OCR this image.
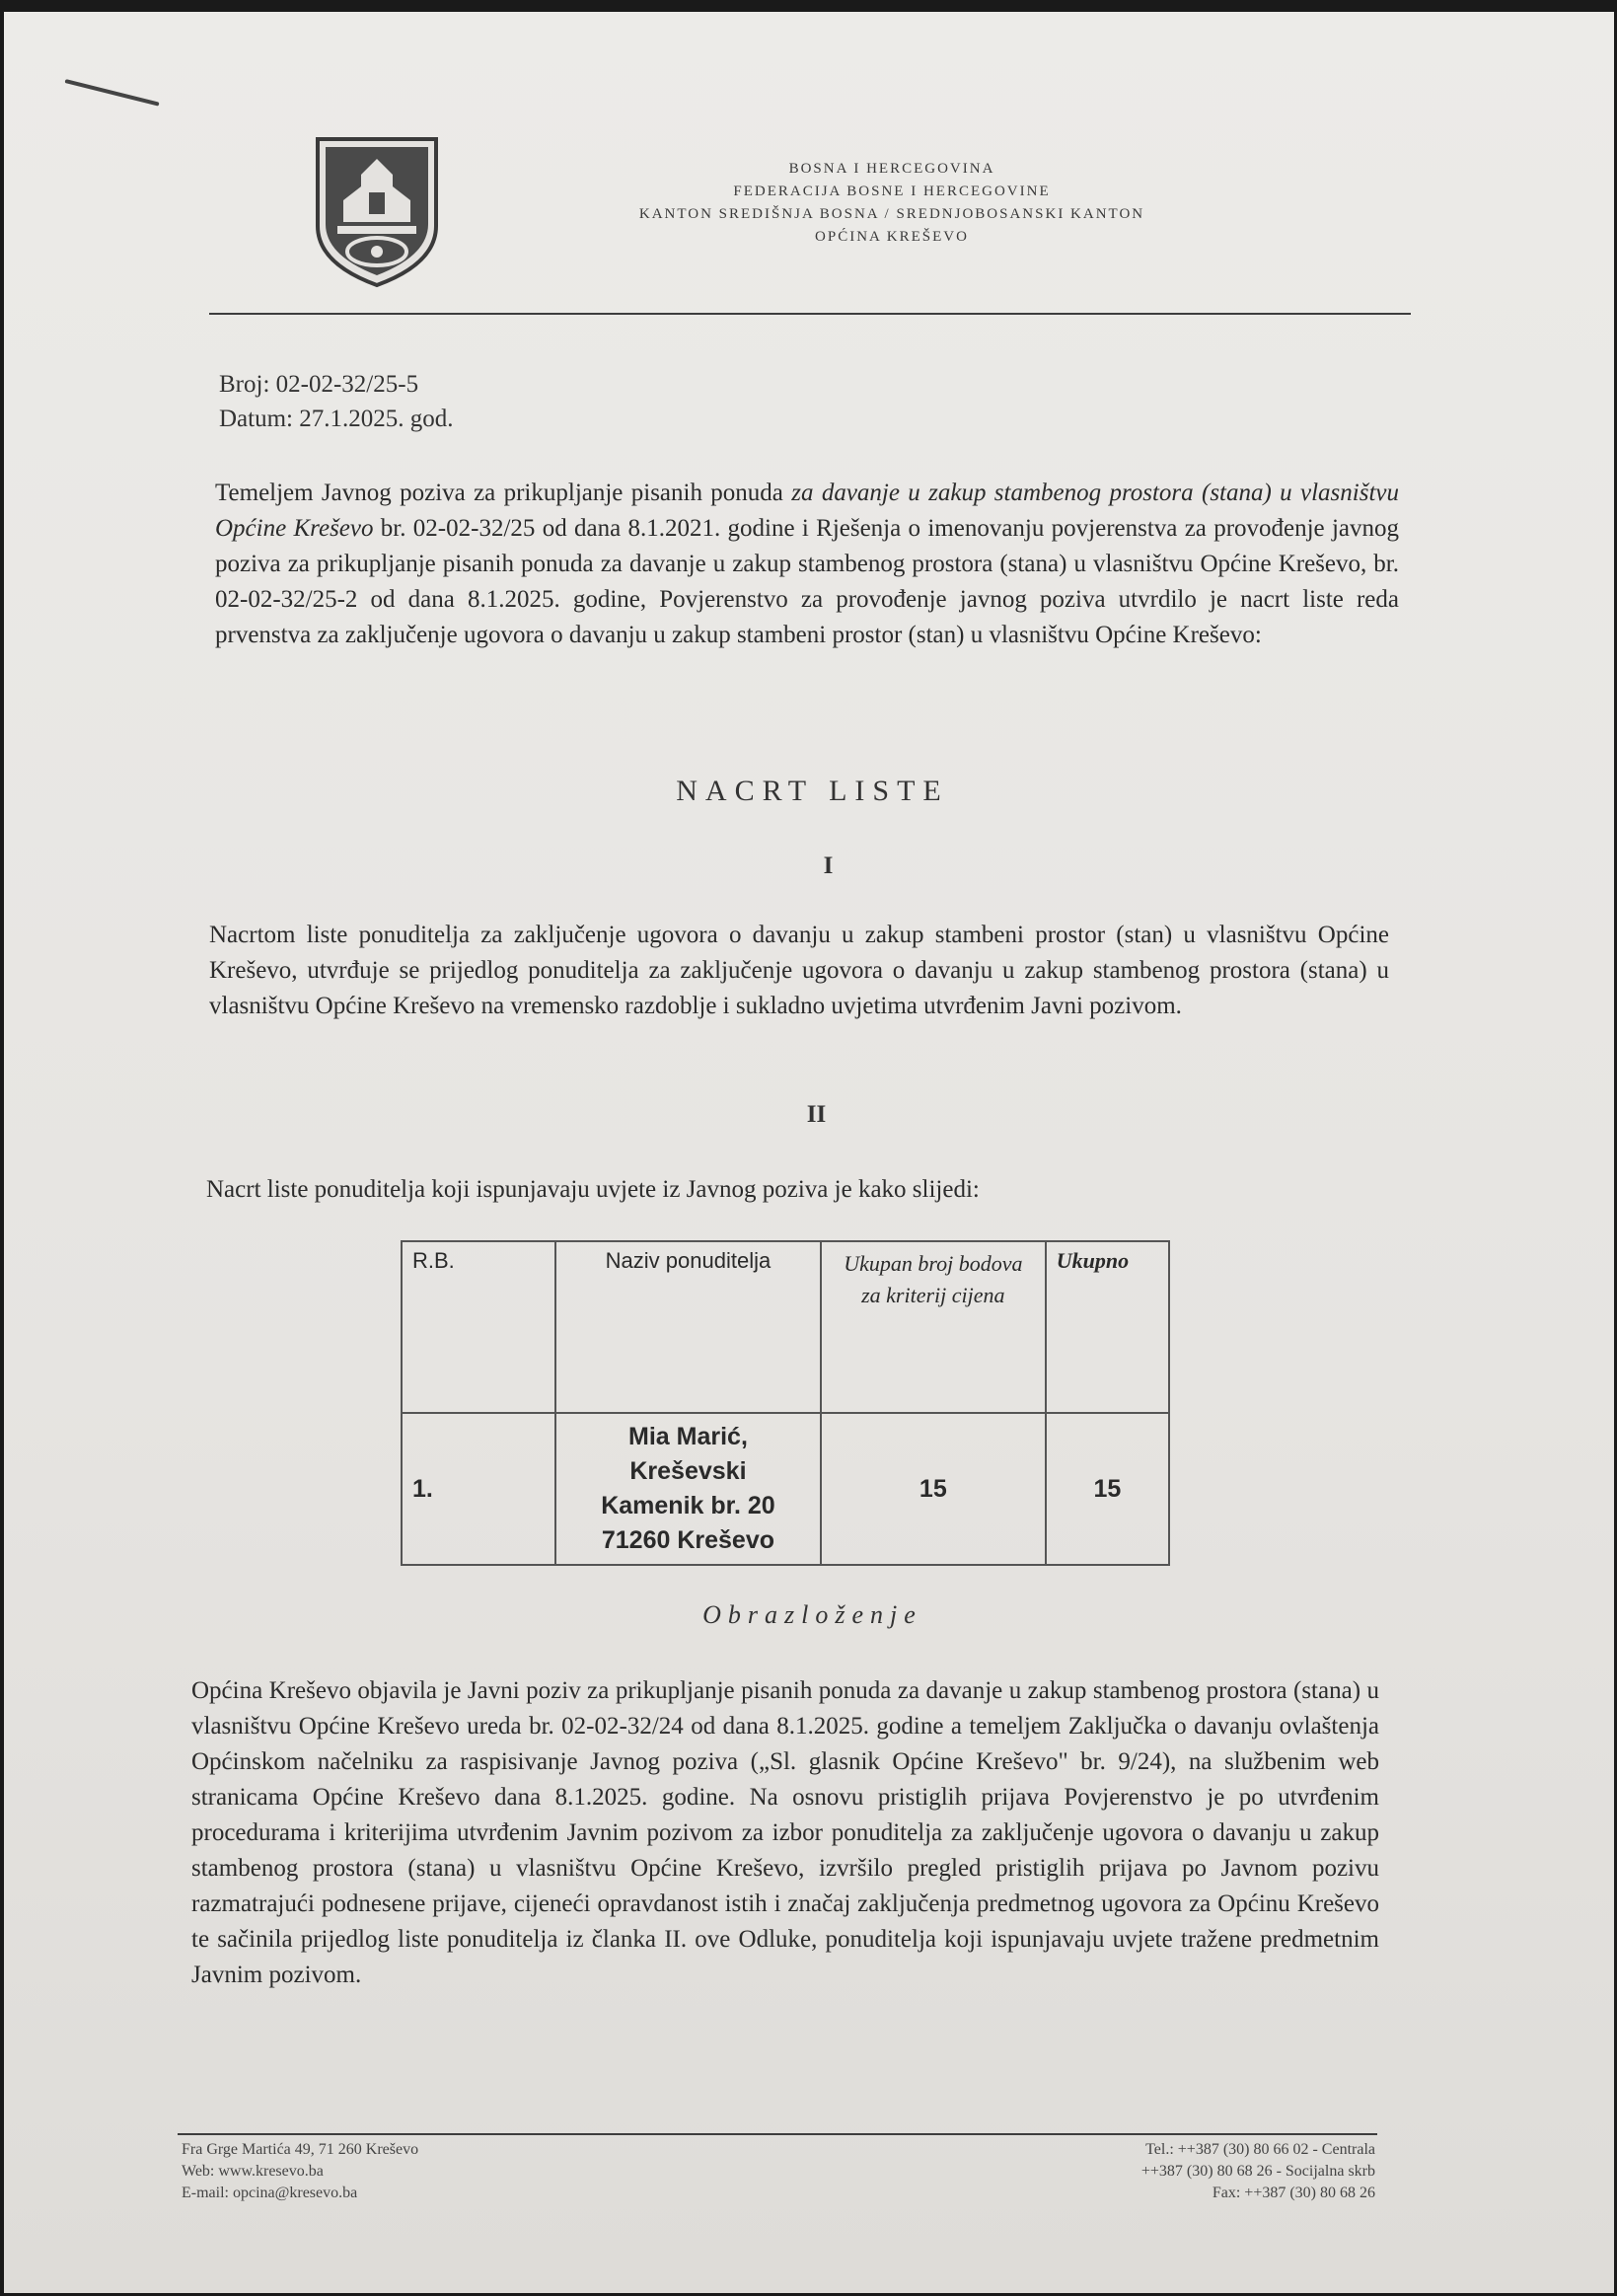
BOSNA I HERCEGOVINA
FEDERACIJA BOSNE I HERCEGOVINE
KANTON SREDIŠNJA BOSNA / SREDNJOBOSANSKI KANTON
OPĆINA KREŠEVO
Broj: 02-02-32/25-5
Datum: 27.1.2025. god.
Temeljem Javnog poziva za prikupljanje pisanih ponuda za davanje u zakup stambenog prostora (stana) u vlasništvu Općine Kreševo br. 02-02-32/25 od dana 8.1.2021. godine i Rješenja o imenovanju povjerenstva za provođenje javnog poziva za prikupljanje pisanih ponuda za davanje u zakup stambenog prostora (stana) u vlasništvu Općine Kreševo, br. 02-02-32/25-2 od dana 8.1.2025. godine, Povjerenstvo za provođenje javnog poziva utvrdilo je nacrt liste reda prvenstva za zaključenje ugovora o davanju u zakup stambeni prostor (stan) u vlasništvu Općine Kreševo:
NACRT LISTE
I
Nacrtom liste ponuditelja za zaključenje ugovora o davanju u zakup stambeni prostor (stan) u vlasništvu Općine Kreševo, utvrđuje se prijedlog ponuditelja za zaključenje ugovora o davanju u zakup stambenog prostora (stana) u vlasništvu Općine Kreševo na vremensko razdoblje i sukladno uvjetima utvrđenim Javni pozivom.
II
Nacrt liste ponuditelja koji ispunjavaju uvjete iz Javnog poziva je kako slijedi:
R.B.	Naziv ponuditelja	Ukupan broj bodova za kriterij cijena	Ukupno
1.	Mia Marić,
Kreševski
Kamenik br. 20
71260 Kreševo	15	15
Obrazloženje
Općina Kreševo objavila je Javni poziv za prikupljanje pisanih ponuda za davanje u zakup stambenog prostora (stana) u vlasništvu Općine Kreševo ureda br. 02-02-32/24 od dana 8.1.2025. godine a temeljem Zaključka o davanju ovlaštenja Općinskom načelniku za raspisivanje Javnog poziva („Sl. glasnik Općine Kreševo" br. 9/24), na službenim web stranicama Općine Kreševo dana 8.1.2025. godine. Na osnovu pristiglih prijava Povjerenstvo je po utvrđenim procedurama i kriterijima utvrđenim Javnim pozivom za izbor ponuditelja za zaključenje ugovora o davanju u zakup stambenog prostora (stana) u vlasništvu Općine Kreševo, izvršilo pregled pristiglih prijava po Javnom pozivu razmatrajući podnesene prijave, cijeneći opravdanost istih i značaj zaključenja predmetnog ugovora za Općinu Kreševo te sačinila prijedlog liste ponuditelja iz članka II. ove Odluke, ponuditelja koji ispunjavaju uvjete tražene predmetnim Javnim pozivom.
Fra Grge Martića 49, 71 260 Kreševo
Web: www.kresevo.ba
E-mail: opcina@kresevo.ba
Tel.: ++387 (30) 80 66 02 - Centrala
++387 (30) 80 68 26 - Socijalna skrb
Fax: ++387 (30) 80 68 26
